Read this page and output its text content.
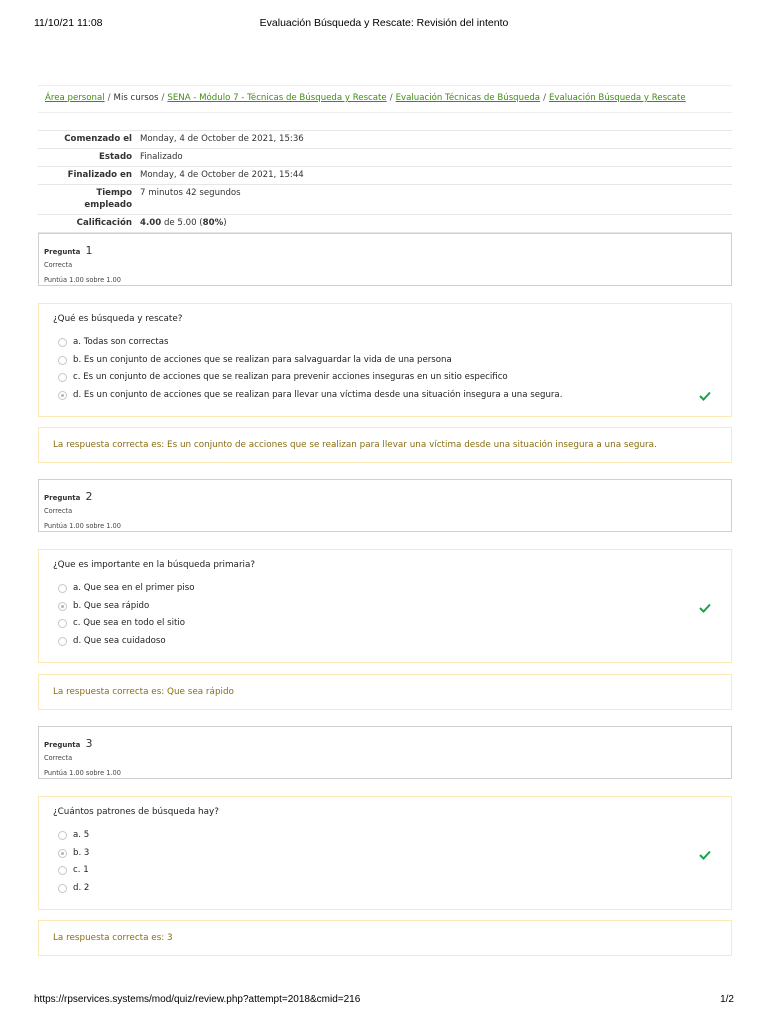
11/10/21 11:08	Evaluación Búsqueda y Rescate: Revisión del intento
Área personal / Mis cursos / SENA - Módulo 7 - Técnicas de Búsqueda y Rescate / Evaluación Técnicas de Búsqueda / Evaluación Búsqueda y Rescate
Comenzado el	Monday, 4 de October de 2021, 15:36
Estado	Finalizado
Finalizado en	Monday, 4 de October de 2021, 15:44
Tiempo
empleado	7 minutos 42 segundos
Calificación	4.00 de 5.00 (80%)
Pregunta 1
Correcta
Puntúa 1.00 sobre 1.00
¿Qué es búsqueda y rescate?
a. Todas son correctas
b. Es un conjunto de acciones que se realizan para salvaguardar la vida de una persona
c. Es un conjunto de acciones que se realizan para prevenir acciones inseguras en un sitio especifico
d. Es un conjunto de acciones que se realizan para llevar una víctima desde una situación insegura a una segura.
La respuesta correcta es: Es un conjunto de acciones que se realizan para llevar una víctima desde una situación insegura a una segura.
Pregunta 2
Correcta
Puntúa 1.00 sobre 1.00
¿Que es importante en la búsqueda primaria?
a. Que sea en el primer piso
b. Que sea rápido
c. Que sea en todo el sitio
d. Que sea cuidadoso
La respuesta correcta es: Que sea rápido
Pregunta 3
Correcta
Puntúa 1.00 sobre 1.00
¿Cuántos patrones de búsqueda hay?
a. 5
b. 3
c. 1
d. 2
La respuesta correcta es: 3
https://rpservices.systems/mod/quiz/review.php?attempt=2018&cmid=216	1/2
